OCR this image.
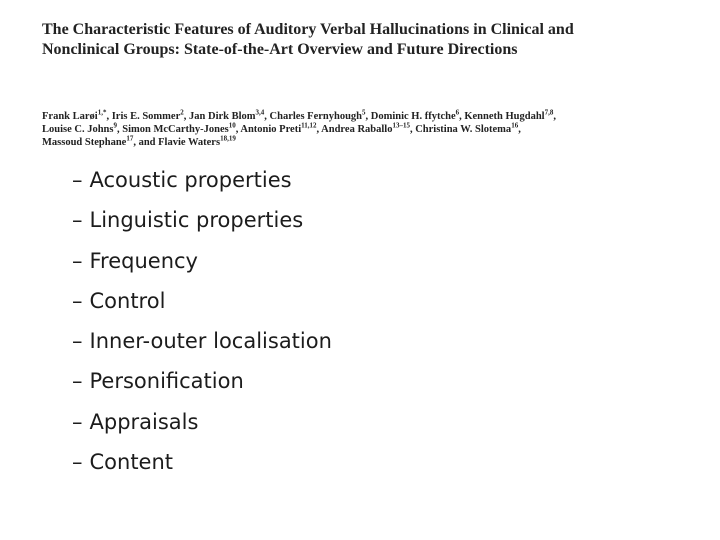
The Characteristic Features of Auditory Verbal Hallucinations in Clinical and
Nonclinical Groups: State-of-the-Art Overview and Future Directions
Frank Larøi$^{1,*}$, Iris E. Sommer$^2$, Jan Dirk Blom$^{3,4}$, Charles Fernyhough$^5$, Dominic H. ffytche$^6$, Kenneth Hugdahl$^{7,8}$,
Louise C. Johns$^9$, Simon McCarthy-Jones$^{10}$, Antonio Preti$^{11,12}$, Andrea Raballo$^{13-15}$, Christina W. Slotema$^{16}$,
Massoud Stephane$^{17}$, and Flavie Waters$^{18,19}$
– Acoustic properties
– Linguistic properties
– Frequency
– Control
– Inner-outer localisation
– Personification
– Appraisals
– Content
